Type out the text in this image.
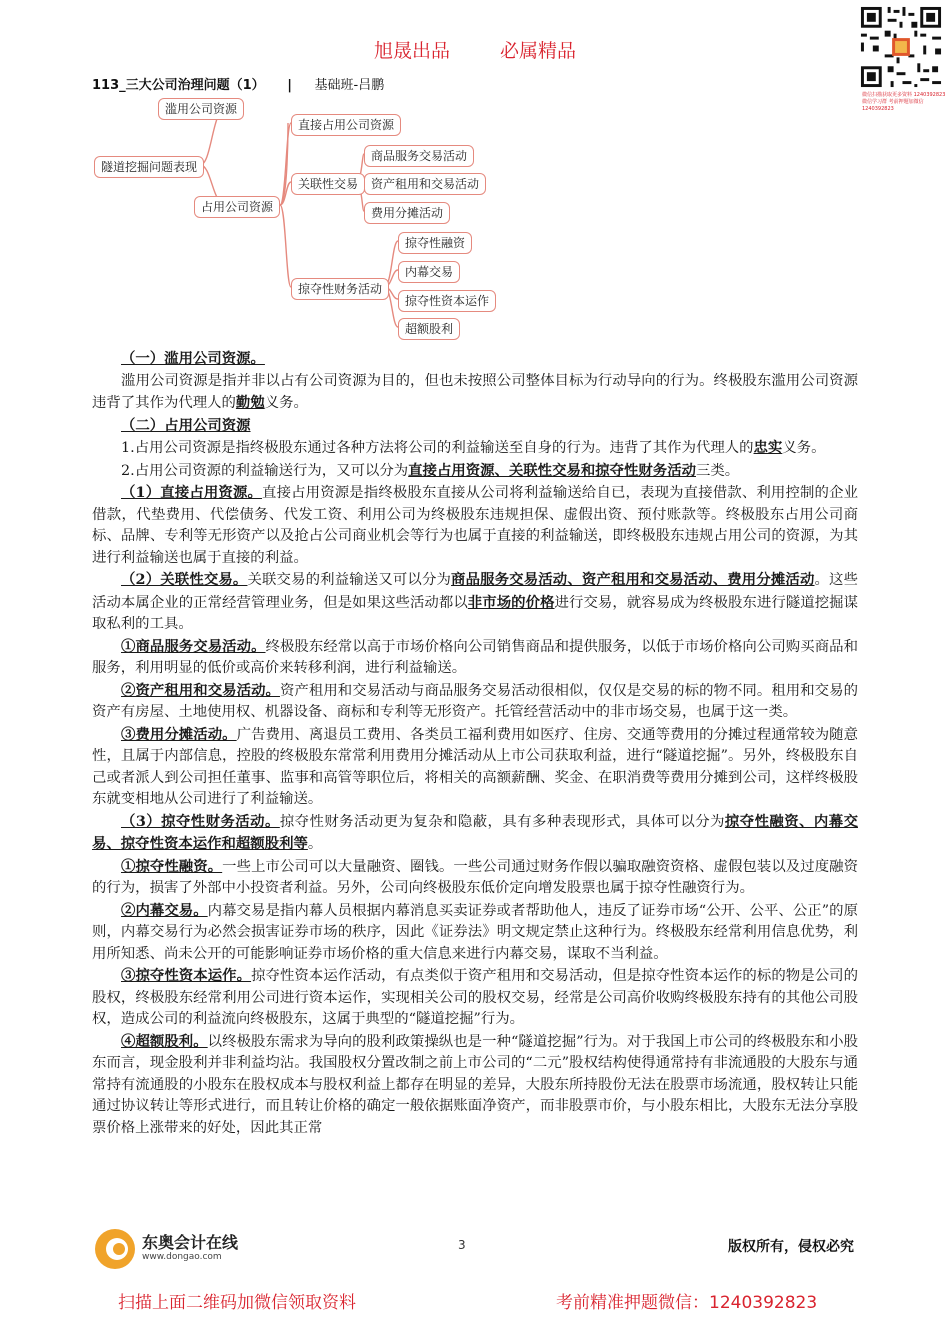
旭晟出品	必属精品
微信扫描获取更多资料 1240392823 微信学习群 考前押题加微信 1240392823
113_三大公司治理问题（1） | 基础班-吕鹏
隧道挖掘问题表现
滥用公司资源
占用公司资源
直接占用公司资源
关联性交易
商品服务交易活动
资产租用和交易活动
费用分摊活动
掠夺性财务活动
掠夺性融资
内幕交易
掠夺性资本运作
超额股利

（一）滥用公司资源。

滥用公司资源是指并非以占有公司资源为目的，但也未按照公司整体目标为行动导向的行为。终极股东滥用公司资源违背了其作为代理人的勤勉义务。

（二）占用公司资源

1.占用公司资源是指终极股东通过各种方法将公司的利益输送至自身的行为。违背了其作为代理人的忠实义务。

2.占用公司资源的利益输送行为，又可以分为直接占用资源、关联性交易和掠夺性财务活动三类。

（1）直接占用资源。直接占用资源是指终极股东直接从公司将利益输送给自已，表现为直接借款、利用控制的企业借款，代垫费用、代偿债务、代发工资、利用公司为终极股东违规担保、虚假出资、预付账款等。终极股东占用公司商标、品牌、专利等无形资产以及抢占公司商业机会等行为也属于直接的利益输送，即终极股东违规占用公司的资源，为其进行利益输送也属于直接的利益。

（2）关联性交易。关联交易的利益输送又可以分为商品服务交易活动、资产租用和交易活动、费用分摊活动。这些活动本属企业的正常经营管理业务，但是如果这些活动都以非市场的价格进行交易，就容易成为终极股东进行隧道挖掘谋取私利的工具。

①商品服务交易活动。终极股东经常以高于市场价格向公司销售商品和提供服务，以低于市场价格向公司购买商品和服务，利用明显的低价或高价来转移利润，进行利益输送。

②资产租用和交易活动。资产租用和交易活动与商品服务交易活动很相似，仅仅是交易的标的物不同。租用和交易的资产有房屋、土地使用权、机器设备、商标和专利等无形资产。托管经营活动中的非市场交易，也属于这一类。

③费用分摊活动。广告费用、离退员工费用、各类员工福利费用如医疗、住房、交通等费用的分摊过程通常较为随意性，且属于内部信息，控股的终极股东常常利用费用分摊活动从上市公司获取利益，进行“隧道挖掘”。另外，终极股东自己或者派人到公司担任董事、监事和高管等职位后，将相关的高额薪酬、奖金、在职消费等费用分摊到公司，这样终极股东就变相地从公司进行了利益输送。

（3）掠夺性财务活动。掠夺性财务活动更为复杂和隐蔽，具有多种表现形式，具体可以分为掠夺性融资、内幕交易、掠夺性资本运作和超额股利等。

①掠夺性融资。一些上市公司可以大量融资、圈钱。一些公司通过财务作假以骗取融资资格、虚假包装以及过度融资的行为，损害了外部中小投资者利益。另外，公司向终极股东低价定向增发股票也属于掠夺性融资行为。

②内幕交易。内幕交易是指内幕人员根据内幕消息买卖证券或者帮助他人，违反了证券市场“公开、公平、公正”的原则，内幕交易行为必然会损害证券市场的秩序，因此《证券法》明文规定禁止这种行为。终极股东经常利用信息优势，利用所知悉、尚未公开的可能影响证券市场价格的重大信息来进行内幕交易，谋取不当利益。

③掠夺性资本运作。掠夺性资本运作活动，有点类似于资产租用和交易活动，但是掠夺性资本运作的标的物是公司的股权，终极股东经常利用公司进行资本运作，实现相关公司的股权交易，经常是公司高价收购终极股东持有的其他公司股权，造成公司的利益流向终极股东，这属于典型的“隧道挖掘”行为。

④超额股利。以终极股东需求为导向的股利政策操纵也是一种“隧道挖掘”行为。对于我国上市公司的终极股东和小股东而言，现金股利并非利益均沾。我国股权分置改制之前上市公司的“二元”股权结构使得通常持有非流通股的大股东与通常持有流通股的小股东在股权成本与股权利益上都存在明显的差异，大股东所持股份无法在股票市场流通，股权转让只能通过协议转让等形式进行，而且转让价格的确定一般依据账面净资产，而非股票市价，与小股东相比，大股东无法分享股票价格上涨带来的好处，因此其正常

东奥会计在线
www.dongao.com
3	版权所有，侵权必究
扫描上面二维码加微信领取资料	考前精准押题微信：1240392823
